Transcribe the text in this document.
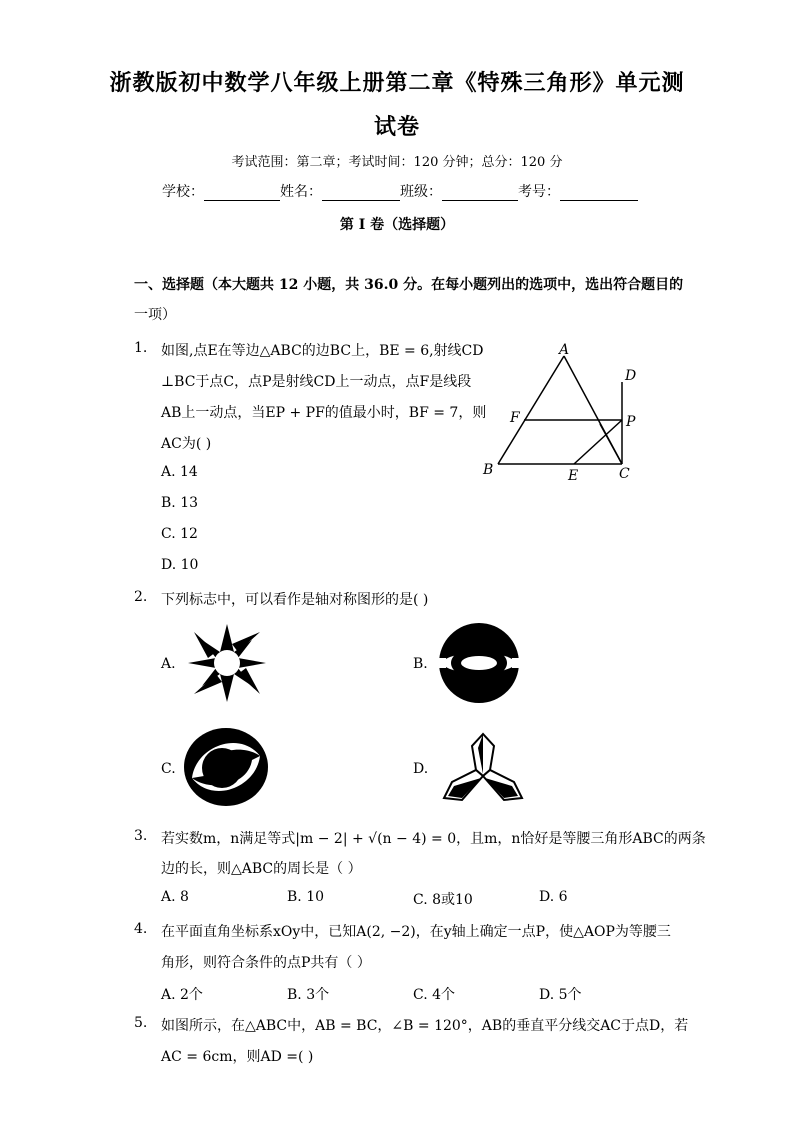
浙教版初中数学八年级上册第二章《特殊三角形》单元测
试卷
考试范围：第二章；考试时间：120 分钟；总分：120 分
学校：	姓名：	班级：	考号：
第 I 卷（选择题）
一、选择题（本大题共 12 小题，共 36.0 分。在每小题列出的选项中，选出符合题目的
一项）
1. 如图,点E在等边△ABC的边BC上，BE = 6,射线CD
⊥BC于点C，点P是射线CD上一动点，点F是线段
AB上一动点，当EP + PF的值最小时，BF = 7，则
AC为( )
A. 14
B. 13
C. 12
D. 10
A
B	C
D
E
F	P
2. 下列标志中，可以看作是轴对称图形的是( )
A.	B.
C.	D.
3. 若实数m，n满足等式|m − 2| + √(n − 4) = 0，且m，n恰好是等腰三角形ABC的两条
边的长，则△ABC的周长是（ ）
A. 8	B. 10	C. 8或10	D. 6
4. 在平面直角坐标系xOy中，已知A(2, −2)，在y轴上确定一点P，使△AOP为等腰三
角形，则符合条件的点P共有（ ）
A. 2个	B. 3个	C. 4个	D. 5个
5. 如图所示，在△ABC中，AB = BC，∠B = 120°，AB的垂直平分线交AC于点D，若
AC = 6cm，则AD =( )
